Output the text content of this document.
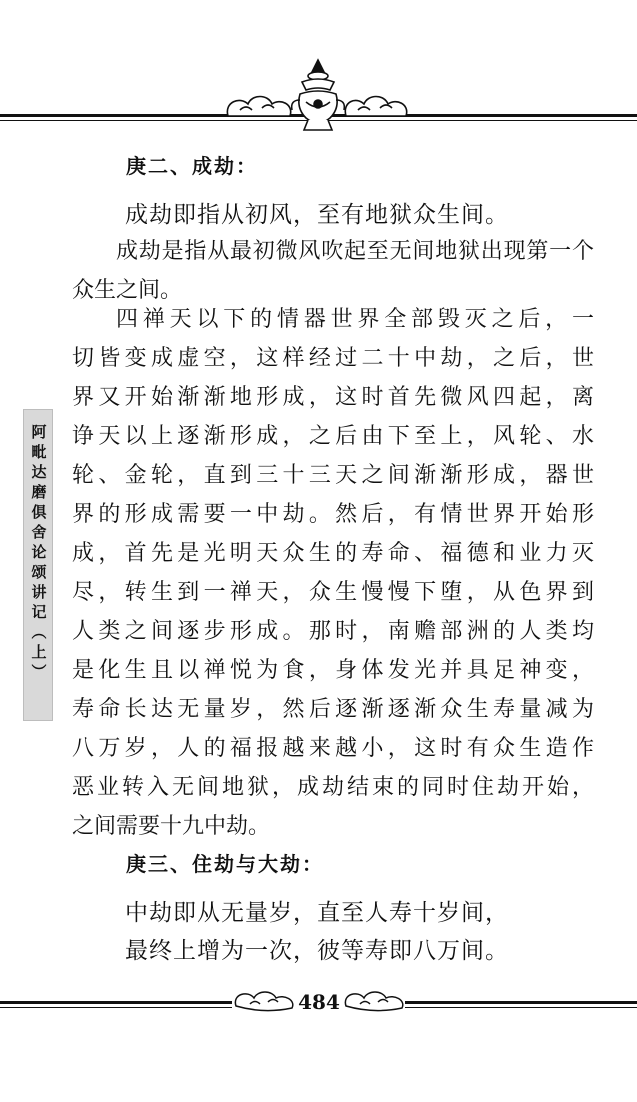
阿毗达磨俱舍论颂讲记（上）
庚二、成劫：
成劫即指从初风，至有地狱众生间。
成劫是指从最初微风吹起至无间地狱出现第一个
众生之间。
四禅天以下的情器世界全部毁灭之后，一
切皆变成虚空，这样经过二十中劫，之后，世
界又开始渐渐地形成，这时首先微风四起，离
诤天以上逐渐形成，之后由下至上，风轮、水
轮、金轮，直到三十三天之间渐渐形成，器世
界的形成需要一中劫。然后，有情世界开始形
成，首先是光明天众生的寿命、福德和业力灭
尽，转生到一禅天，众生慢慢下堕，从色界到
人类之间逐步形成。那时，南赡部洲的人类均
是化生且以禅悦为食，身体发光并具足神变，
寿命长达无量岁，然后逐渐逐渐众生寿量减为
八万岁，人的福报越来越小，这时有众生造作
恶业转入无间地狱，成劫结束的同时住劫开始，
之间需要十九中劫。
庚三、住劫与大劫：
中劫即从无量岁，直至人寿十岁间，
最终上增为一次，彼等寿即八万间。
484
